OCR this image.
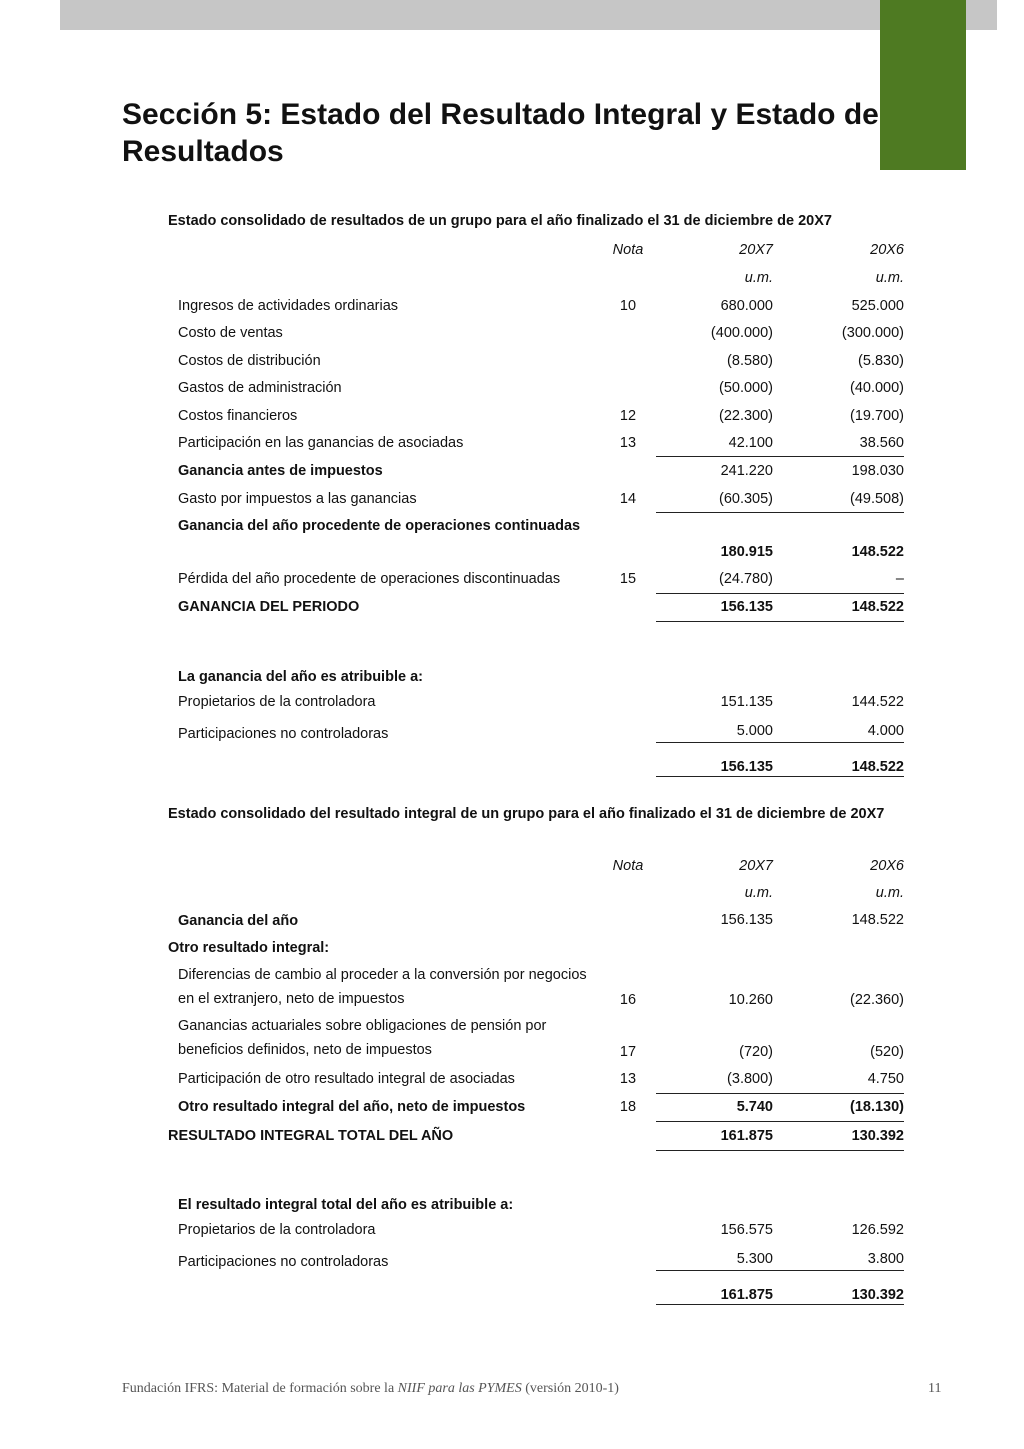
Sección 5: Estado del Resultado Integral y Estado de Resultados
Estado consolidado de resultados de un grupo para el año finalizado el 31 de diciembre de 20X7
Nota	20X7	20X6
u.m.	u.m.
Ingresos de actividades ordinarias	10	680.000	525.000
Costo de ventas	(400.000)	(300.000)
Costos de distribución	(8.580)	(5.830)
Gastos de administración	(50.000)	(40.000)
Costos financieros	12	(22.300)	(19.700)
Participación en las ganancias de asociadas	13	42.100	38.560
Ganancia antes de impuestos	241.220	198.030
Gasto por impuestos a las ganancias	14	(60.305)	(49.508)
Ganancia del año procedente de operaciones continuadas
180.915	148.522
Pérdida del año procedente de operaciones discontinuadas	15	(24.780)	–
GANANCIA DEL PERIODO	156.135	148.522
La ganancia del año es atribuible a:
Propietarios de la controladora	151.135	144.522
Participaciones no controladoras	5.000	4.000
156.135	148.522
Estado consolidado del resultado integral de un grupo para el año finalizado el 31 de diciembre de 20X7
Nota	20X7	20X6
u.m.	u.m.
Ganancia del año	156.135	148.522
Otro resultado integral:
Diferencias de cambio al proceder a la conversión por negocios en el extranjero, neto de impuestos	16	10.260	(22.360)
Ganancias actuariales sobre obligaciones de pensión por beneficios definidos, neto de impuestos	17	(720)	(520)
Participación de otro resultado integral de asociadas	13	(3.800)	4.750
Otro resultado integral del año, neto de impuestos	18	5.740	(18.130)
RESULTADO INTEGRAL TOTAL DEL AÑO	161.875	130.392
El resultado integral total del año es atribuible a:
Propietarios de la controladora	156.575	126.592
Participaciones no controladoras	5.300	3.800
161.875	130.392
Fundación IFRS: Material de formación sobre la NIIF para las PYMES (versión 2010-1)	11
